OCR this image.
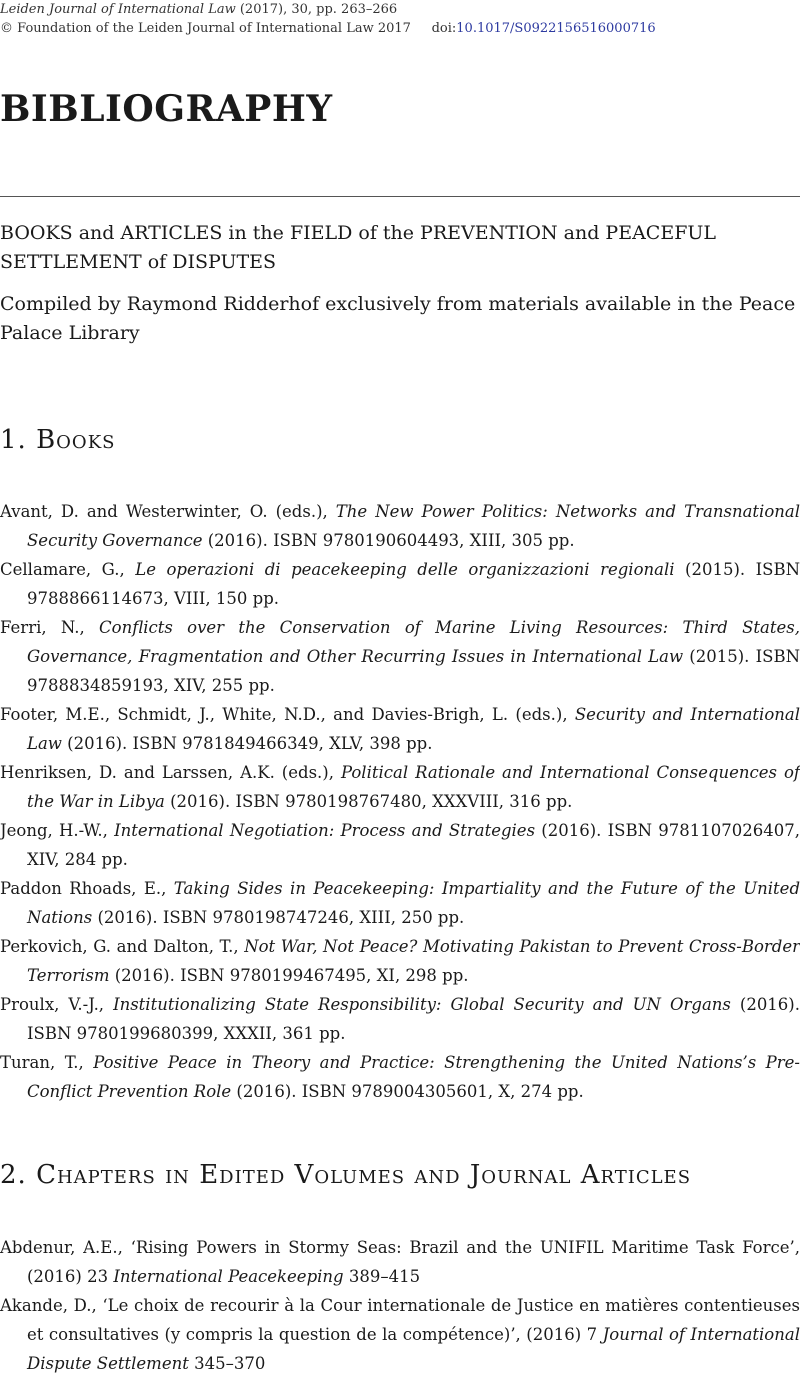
Leiden Journal of International Law (2017), 30, pp. 263–266
© Foundation of the Leiden Journal of International Law 2017 doi:10.1017/S0922156516000716
BIBLIOGRAPHY

BOOKS and ARTICLES in the FIELD of the PREVENTION and PEACEFUL SETTLEMENT of DISPUTES

Compiled by Raymond Ridderhof exclusively from materials available in the Peace Palace Library

1. Books
Avant, D. and Westerwinter, O. (eds.), The New Power Politics: Networks and Transnational Security Governance (2016). ISBN 9780190604493, XIII, 305 pp.
Cellamare, G., Le operazioni di peacekeeping delle organizzazioni regionali (2015). ISBN 9788866114673, VIII, 150 pp.
Ferri, N., Conflicts over the Conservation of Marine Living Resources: Third States, Governance, Fragmentation and Other Recurring Issues in International Law (2015). ISBN 9788834859193, XIV, 255 pp.
Footer, M.E., Schmidt, J., White, N.D., and Davies-Brigh, L. (eds.), Security and International Law (2016). ISBN 9781849466349, XLV, 398 pp.
Henriksen, D. and Larssen, A.K. (eds.), Political Rationale and International Consequences of the War in Libya (2016). ISBN 9780198767480, XXXVIII, 316 pp.
Jeong, H.-W., International Negotiation: Process and Strategies (2016). ISBN 9781107026407, XIV, 284 pp.
Paddon Rhoads, E., Taking Sides in Peacekeeping: Impartiality and the Future of the United Nations (2016). ISBN 9780198747246, XIII, 250 pp.
Perkovich, G. and Dalton, T., Not War, Not Peace? Motivating Pakistan to Prevent Cross-Border Terrorism (2016). ISBN 9780199467495, XI, 298 pp.
Proulx, V.-J., Institutionalizing State Responsibility: Global Security and UN Organs (2016). ISBN 9780199680399, XXXII, 361 pp.
Turan, T., Positive Peace in Theory and Practice: Strengthening the United Nations’s Pre-Conflict Prevention Role (2016). ISBN 9789004305601, X, 274 pp.
2. Chapters in Edited Volumes and Journal Articles
Abdenur, A.E., ‘Rising Powers in Stormy Seas: Brazil and the UNIFIL Maritime Task Force’, (2016) 23 International Peacekeeping 389–415
Akande, D., ‘Le choix de recourir à la Cour internationale de Justice en matières contentieuses et consultatives (y compris la question de la compétence)’, (2016) 7 Journal of International Dispute Settlement 345–370
